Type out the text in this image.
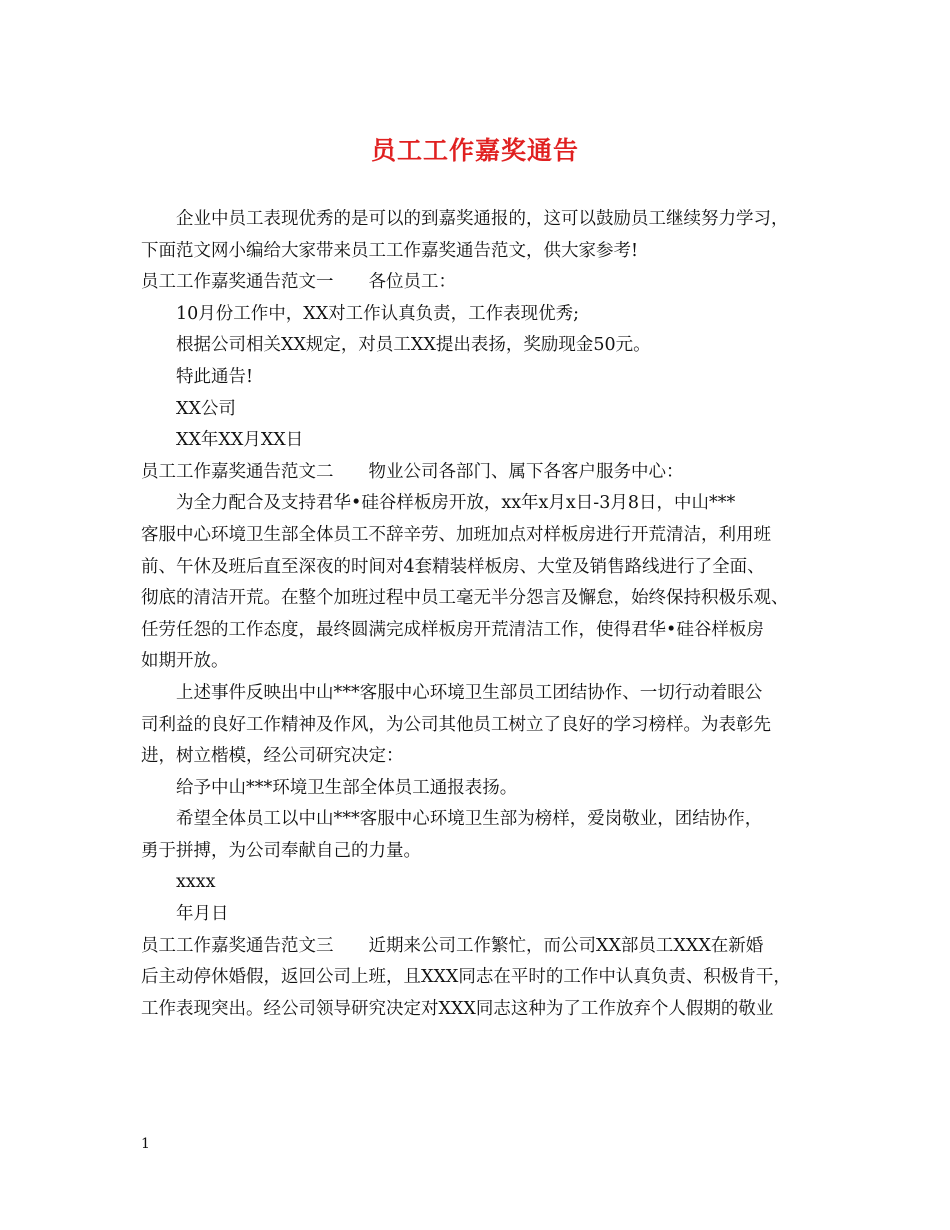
员工工作嘉奖通告
企业中员工表现优秀的是可以的到嘉奖通报的，这可以鼓励员工继续努力学习，
下面范文网小编给大家带来员工工作嘉奖通告范文，供大家参考!
员工工作嘉奖通告范文一　　各位员工：
10月份工作中，XX对工作认真负责，工作表现优秀;
根据公司相关XX规定，对员工XX提出表扬，奖励现金50元。
特此通告!
XX公司
XX年XX月XX日
员工工作嘉奖通告范文二　　物业公司各部门、属下各客户服务中心：
为全力配合及支持君华•硅谷样板房开放，xx年x月x日-3月8日，中山***
客服中心环境卫生部全体员工不辞辛劳、加班加点对样板房进行开荒清洁，利用班
前、午休及班后直至深夜的时间对4套精装样板房、大堂及销售路线进行了全面、
彻底的清洁开荒。在整个加班过程中员工毫无半分怨言及懈怠，始终保持积极乐观、
任劳任怨的工作态度，最终圆满完成样板房开荒清洁工作，使得君华•硅谷样板房
如期开放。
上述事件反映出中山***客服中心环境卫生部员工团结协作、一切行动着眼公
司利益的良好工作精神及作风，为公司其他员工树立了良好的学习榜样。为表彰先
进，树立楷模，经公司研究决定：
给予中山***环境卫生部全体员工通报表扬。
希望全体员工以中山***客服中心环境卫生部为榜样，爱岗敬业，团结协作，
勇于拼搏，为公司奉献自己的力量。
xxxx
年月日
员工工作嘉奖通告范文三　　近期来公司工作繁忙，而公司XX部员工XXX在新婚
后主动停休婚假，返回公司上班，且XXX同志在平时的工作中认真负责、积极肯干，
工作表现突出。经公司领导研究决定对XXX同志这种为了工作放弃个人假期的敬业
1
